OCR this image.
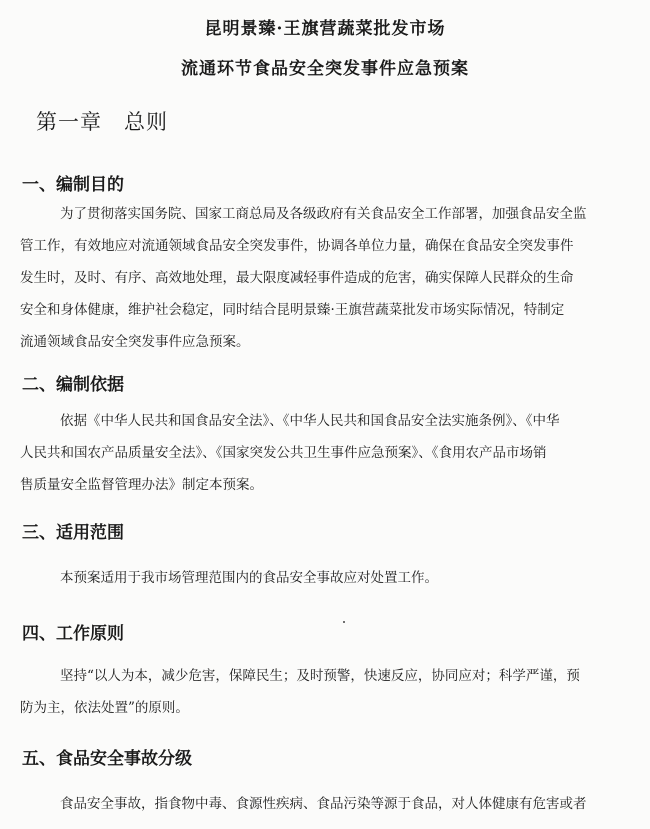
昆明景臻·王旗营蔬菜批发市场
流通环节食品安全突发事件应急预案
第一章　总则
一、编制目的
为了贯彻落实国务院、国家工商总局及各级政府有关食品安全工作部署，加强食品安全监
管工作，有效地应对流通领域食品安全突发事件，协调各单位力量，确保在食品安全突发事件
发生时，及时、有序、高效地处理，最大限度减轻事件造成的危害，确实保障人民群众的生命
安全和身体健康，维护社会稳定，同时结合昆明景臻·王旗营蔬菜批发市场实际情况，特制定
流通领域食品安全突发事件应急预案。
二、编制依据
依据《中华人民共和国食品安全法》、《中华人民共和国食品安全法实施条例》、《中华
人民共和国农产品质量安全法》、《国家突发公共卫生事件应急预案》、《食用农产品市场销
售质量安全监督管理办法》制定本预案。
三、适用范围
本预案适用于我市场管理范围内的食品安全事故应对处置工作。
四、工作原则
坚持“以人为本，减少危害，保障民生；及时预警，快速反应，协同应对；科学严谨，预
防为主，依法处置”的原则。
五、食品安全事故分级
食品安全事故，指食物中毒、食源性疾病、食品污染等源于食品，对人体健康有危害或者
